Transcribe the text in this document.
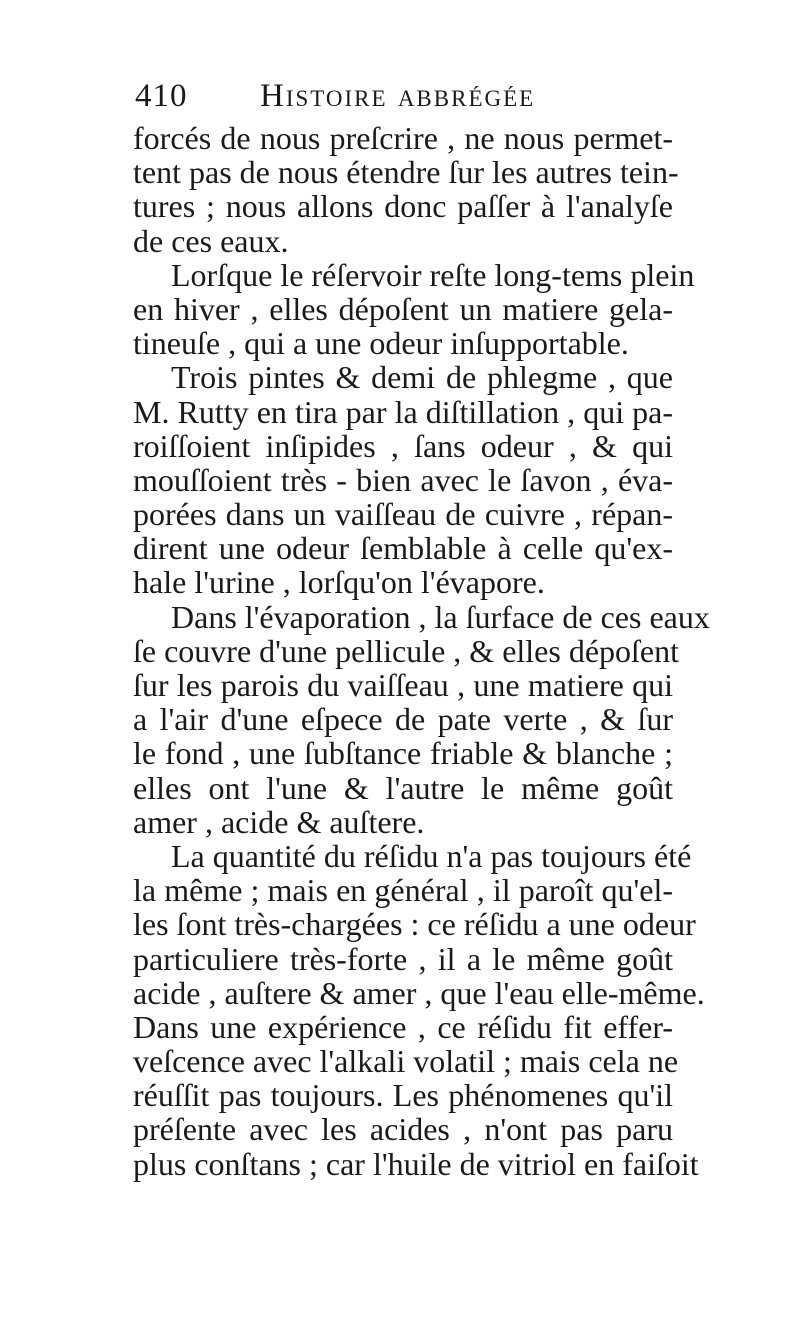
410 Histoire abbrégée
forcés de nous preſcrire , ne nous permet-
tent pas de nous étendre ſur les autres tein-
tures ; nous allons donc paſſer à l'analyſe
de ces eaux.
Lorſque le réſervoir reſte long-tems plein
en hiver , elles dépoſent un matiere gela-
tineuſe , qui a une odeur inſupportable.
Trois pintes & demi de phlegme , que
M. Rutty en tira par la diſtillation , qui pa-
roiſſoient inſipides , ſans odeur , & qui
mouſſoient très - bien avec le ſavon , éva-
porées dans un vaiſſeau de cuivre , répan-
dirent une odeur ſemblable à celle qu'ex-
hale l'urine , lorſqu'on l'évapore.
Dans l'évaporation , la ſurface de ces eaux
ſe couvre d'une pellicule , & elles dépoſent
ſur les parois du vaiſſeau , une matiere qui
a l'air d'une eſpece de pate verte , & ſur
le fond , une ſubſtance friable & blanche ;
elles ont l'une & l'autre le même goût
amer , acide & auſtere.
La quantité du réſidu n'a pas toujours été
la même ; mais en général , il paroît qu'el-
les ſont très-chargées : ce réſidu a une odeur
particuliere très-forte , il a le même goût
acide , auſtere & amer , que l'eau elle-même.
Dans une expérience , ce réſidu fit effer-
veſcence avec l'alkali volatil ; mais cela ne
réuſſit pas toujours. Les phénomenes qu'il
préſente avec les acides , n'ont pas paru
plus conſtans ; car l'huile de vitriol en faiſoit
